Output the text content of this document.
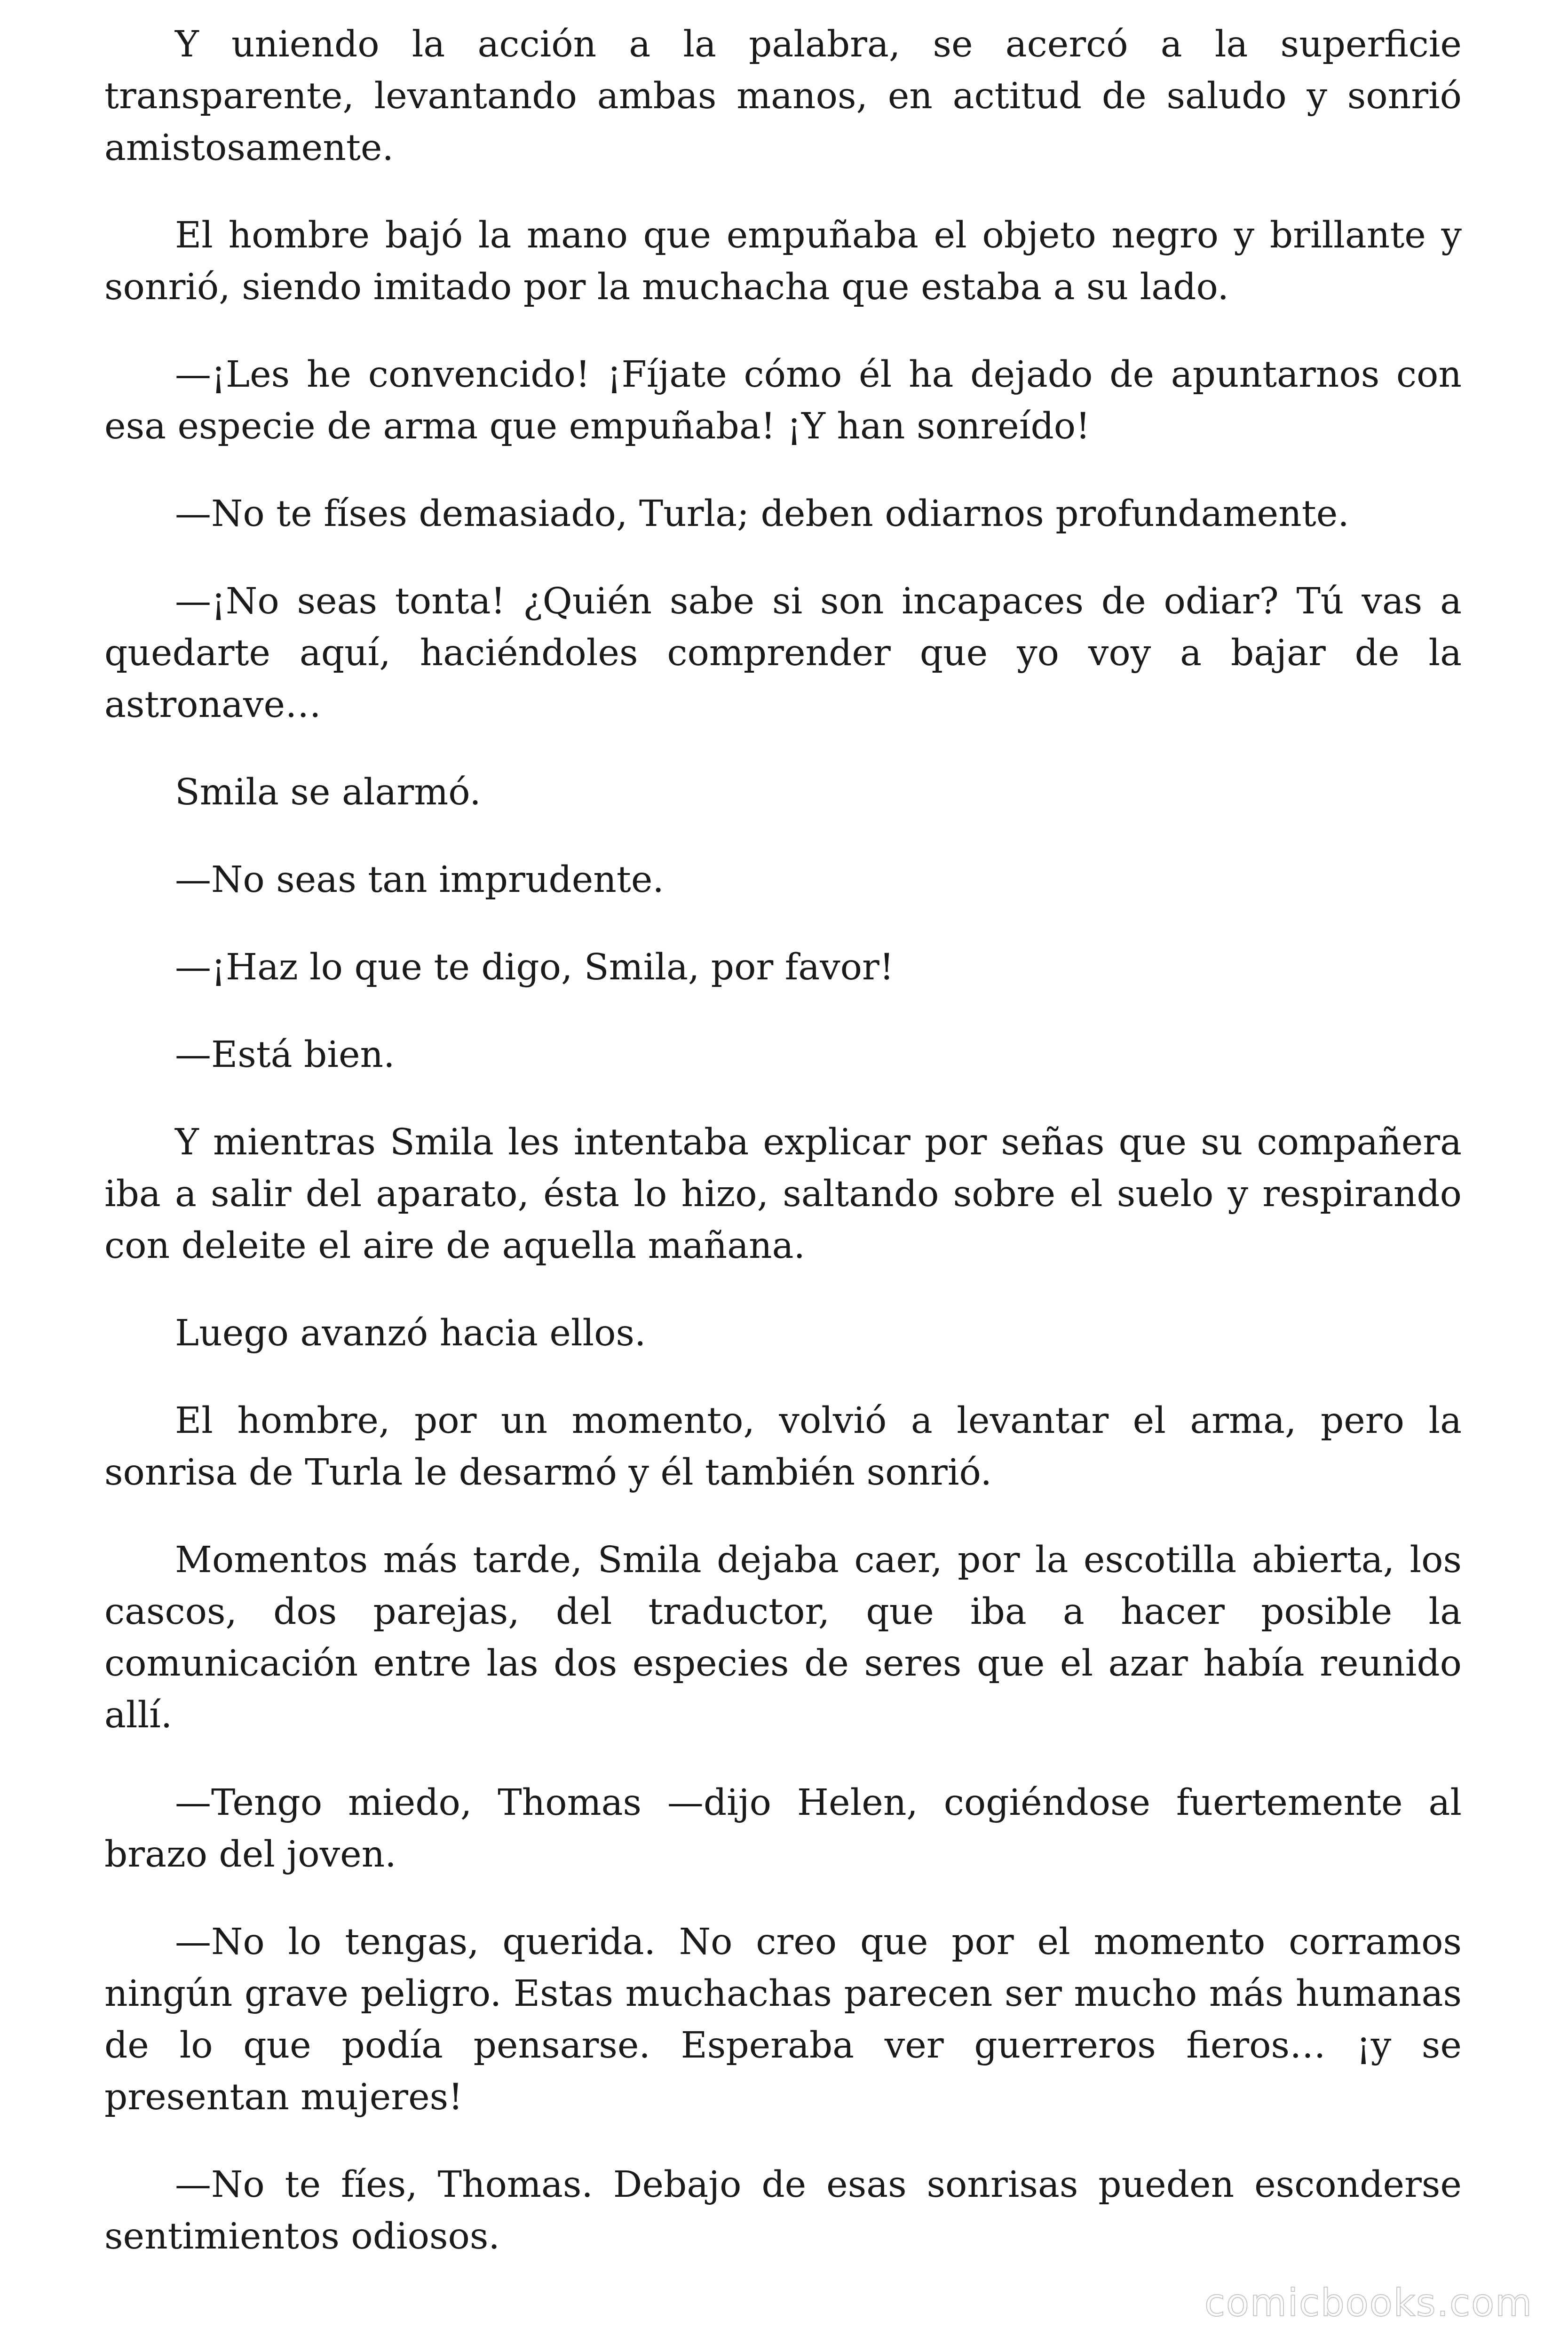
Y uniendo la acción a la palabra, se acercó a la superficie transparente, levantando ambas manos, en actitud de saludo y sonrió amistosamente.

El hombre bajó la mano que empuñaba el objeto negro y brillante y sonrió, siendo imitado por la muchacha que estaba a su lado.

—¡Les he convencido! ¡Fíjate cómo él ha dejado de apuntarnos con esa especie de arma que empuñaba! ¡Y han sonreído!

—No te físes demasiado, Turla; deben odiarnos profundamente.

—¡No seas tonta! ¿Quién sabe si son incapaces de odiar? Tú vas a quedarte aquí, haciéndoles comprender que yo voy a bajar de la astronave…

Smila se alarmó.

—No seas tan imprudente.

—¡Haz lo que te digo, Smila, por favor!

—Está bien.

Y mientras Smila les intentaba explicar por señas que su compañera iba a salir del aparato, ésta lo hizo, saltando sobre el suelo y respirando con deleite el aire de aquella mañana.

Luego avanzó hacia ellos.

El hombre, por un momento, volvió a levantar el arma, pero la sonrisa de Turla le desarmó y él también sonrió.

Momentos más tarde, Smila dejaba caer, por la escotilla abierta, los cascos, dos parejas, del traductor, que iba a hacer posible la comunicación entre las dos especies de seres que el azar había reunido allí.

—Tengo miedo, Thomas —dijo Helen, cogiéndose fuertemente al brazo del joven.

—No lo tengas, querida. No creo que por el momento corramos ningún grave peligro. Estas muchachas parecen ser mucho más humanas de lo que podía pensarse. Esperaba ver guerreros fieros… ¡y se presentan mujeres!

—No te fíes, Thomas. Debajo de esas sonrisas pueden esconderse sentimientos odiosos.

comicbooks.com
